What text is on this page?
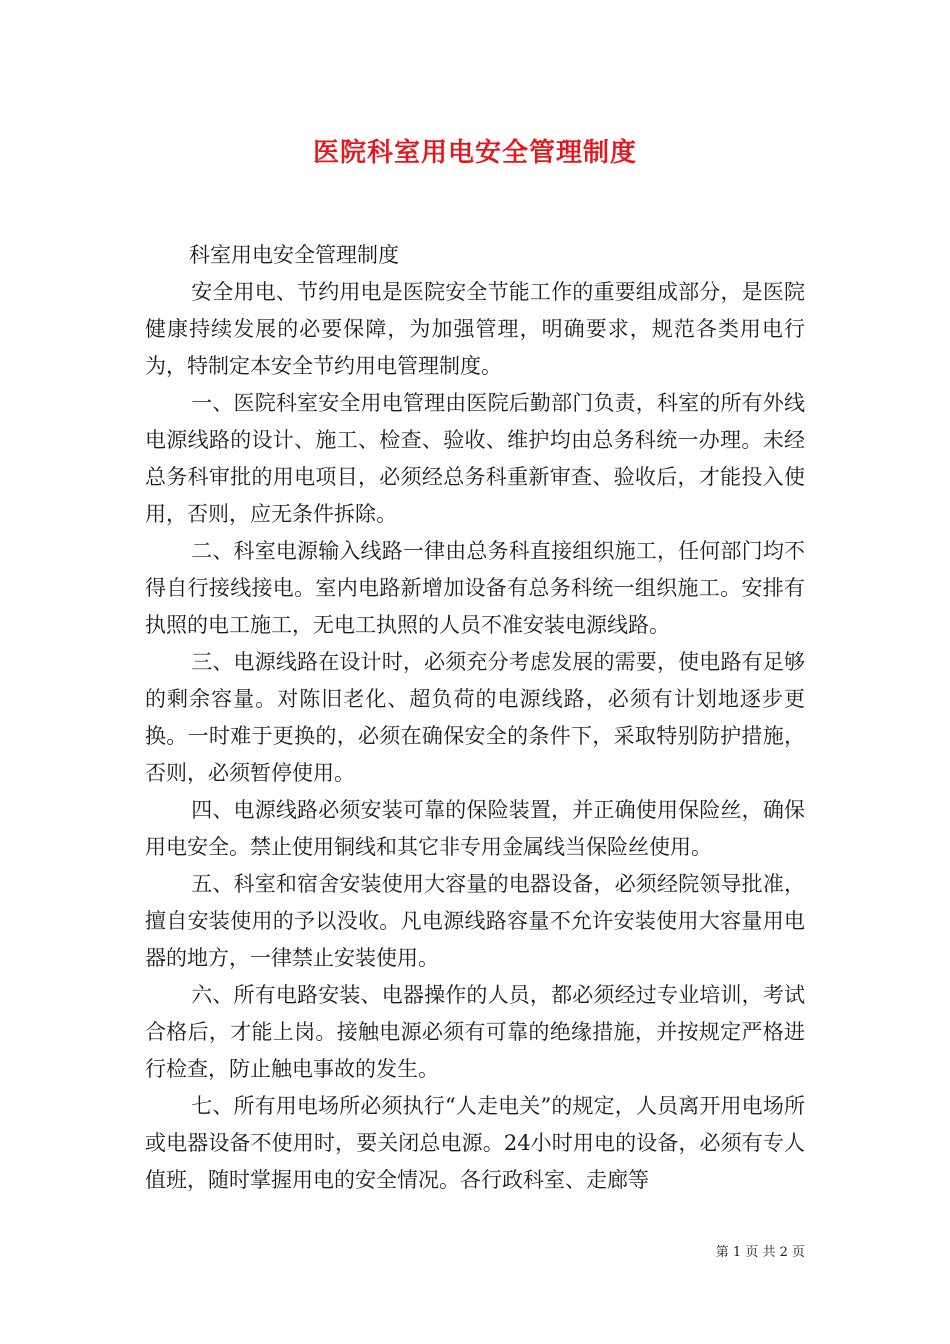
医院科室用电安全管理制度

科室用电安全管理制度

安全用电、节约用电是医院安全节能工作的重要组成部分，是医院健康持续发展的必要保障，为加强管理，明确要求，规范各类用电行为，特制定本安全节约用电管理制度。

一、医院科室安全用电管理由医院后勤部门负责，科室的所有外线电源线路的设计、施工、检查、验收、维护均由总务科统一办理。未经总务科审批的用电项目，必须经总务科重新审查、验收后，才能投入使用，否则，应无条件拆除。

二、科室电源输入线路一律由总务科直接组织施工，任何部门均不得自行接线接电。室内电路新增加设备有总务科统一组织施工。安排有执照的电工施工，无电工执照的人员不准安装电源线路。

三、电源线路在设计时，必须充分考虑发展的需要，使电路有足够的剩余容量。对陈旧老化、超负荷的电源线路，必须有计划地逐步更换。一时难于更换的，必须在确保安全的条件下，采取特别防护措施，否则，必须暂停使用。

四、电源线路必须安装可靠的保险装置，并正确使用保险丝，确保用电安全。禁止使用铜线和其它非专用金属线当保险丝使用。

五、科室和宿舍安装使用大容量的电器设备，必须经院领导批准，擅自安装使用的予以没收。凡电源线路容量不允许安装使用大容量用电器的地方，一律禁止安装使用。

六、所有电路安装、电器操作的人员，都必须经过专业培训，考试合格后，才能上岗。接触电源必须有可靠的绝缘措施，并按规定严格进行检查，防止触电事故的发生。

七、所有用电场所必须执行“人走电关”的规定，人员离开用电场所或电器设备不使用时，要关闭总电源。24小时用电的设备，必须有专人值班，随时掌握用电的安全情况。各行政科室、走廊等

第 1 页 共 2 页
